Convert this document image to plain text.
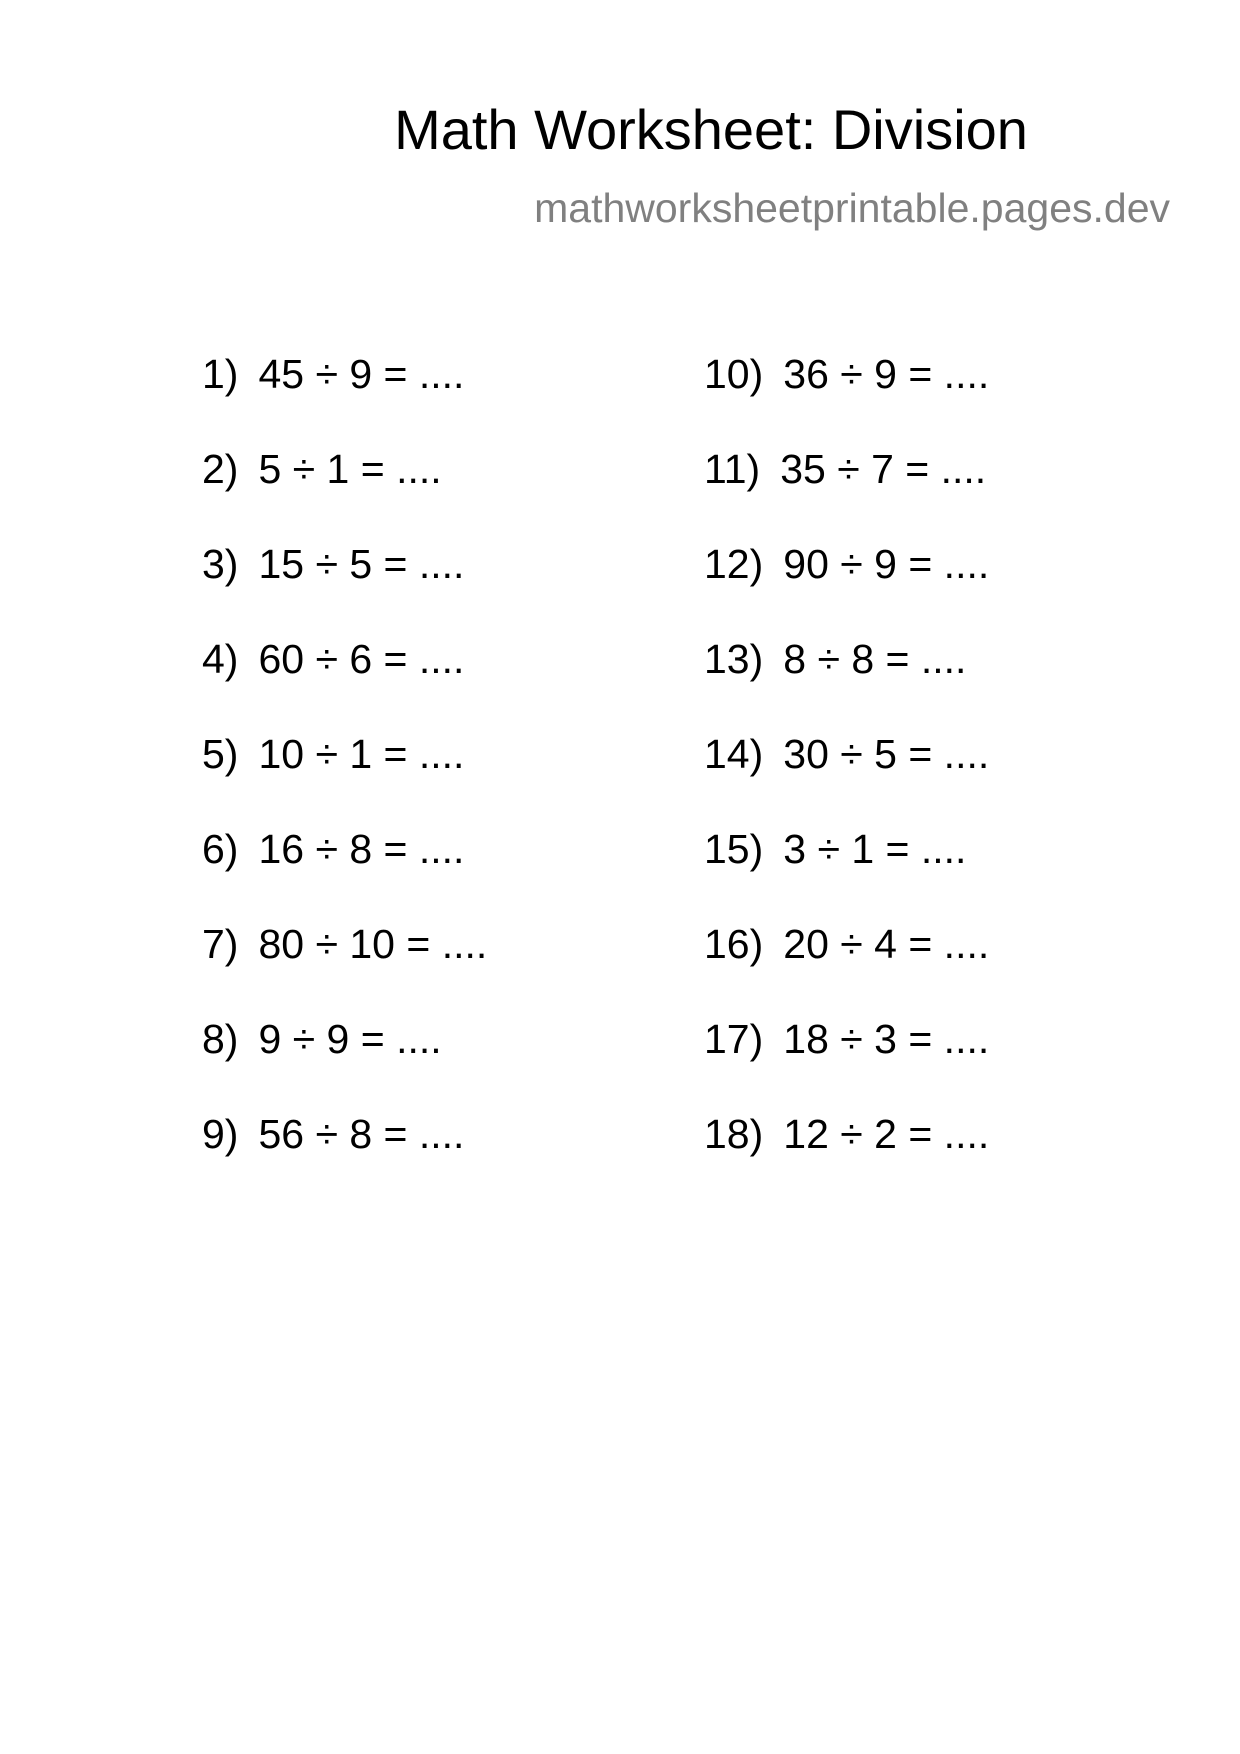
Math Worksheet: Division
mathworksheetprintable.pages.dev
1) 45 ÷ 9 = ....
2) 5 ÷ 1 = ....
3) 15 ÷ 5 = ....
4) 60 ÷ 6 = ....
5) 10 ÷ 1 = ....
6) 16 ÷ 8 = ....
7) 80 ÷ 10 = ....
8) 9 ÷ 9 = ....
9) 56 ÷ 8 = ....
10) 36 ÷ 9 = ....
11) 35 ÷ 7 = ....
12) 90 ÷ 9 = ....
13) 8 ÷ 8 = ....
14) 30 ÷ 5 = ....
15) 3 ÷ 1 = ....
16) 20 ÷ 4 = ....
17) 18 ÷ 3 = ....
18) 12 ÷ 2 = ....
